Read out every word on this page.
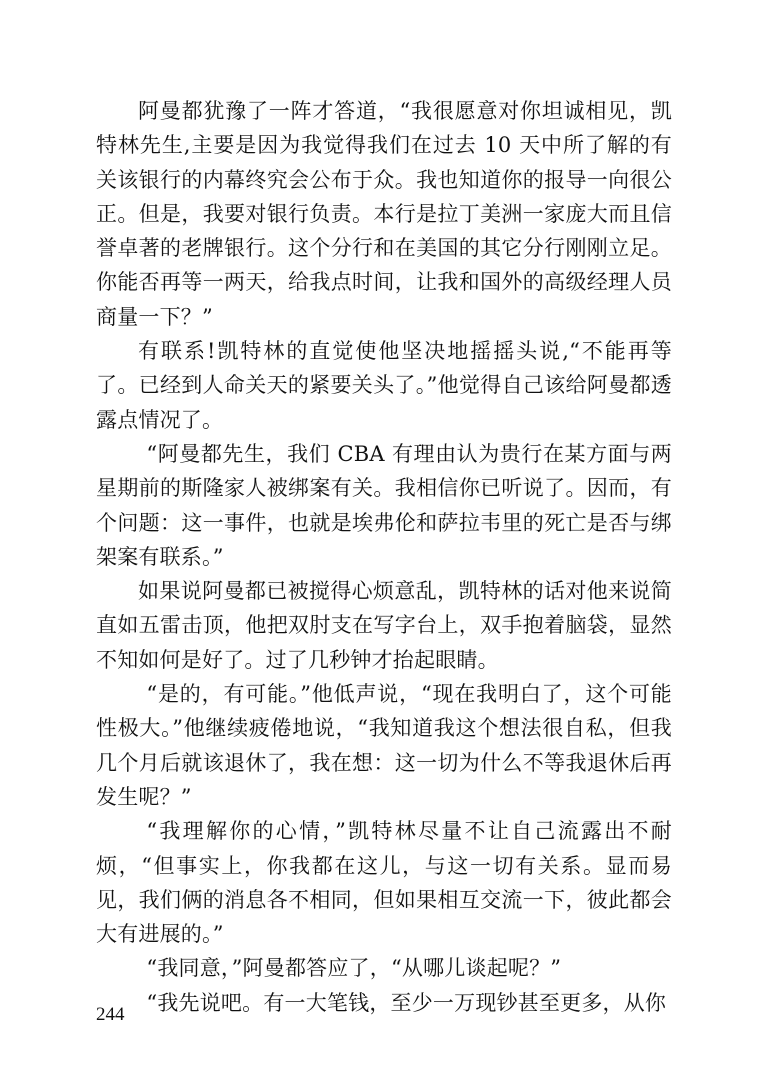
阿曼都犹豫了一阵才答道，“我很愿意对你坦诚相见，凯特林先生,主要是因为我觉得我们在过去 10 天中所了解的有关该银行的内幕终究会公布于众。我也知道你的报导一向很公正。但是，我要对银行负责。本行是拉丁美洲一家庞大而且信誉卓著的老牌银行。这个分行和在美国的其它分行刚刚立足。你能否再等一两天，给我点时间，让我和国外的高级经理人员商量一下？”

有联系!凯特林的直觉使他坚决地摇摇头说,“不能再等了。已经到人命关天的紧要关头了。”他觉得自己该给阿曼都透露点情况了。

“阿曼都先生，我们 CBA 有理由认为贵行在某方面与两星期前的斯隆家人被绑案有关。我相信你已听说了。因而，有个问题：这一事件，也就是埃弗伦和萨拉韦里的死亡是否与绑架案有联系。”

如果说阿曼都已被搅得心烦意乱，凯特林的话对他来说简直如五雷击顶，他把双肘支在写字台上，双手抱着脑袋，显然不知如何是好了。过了几秒钟才抬起眼睛。

“是的，有可能。”他低声说，“现在我明白了，这个可能性极大。”他继续疲倦地说，“我知道我这个想法很自私，但我几个月后就该退休了，我在想：这一切为什么不等我退休后再发生呢？”

“我理解你的心情，”凯特林尽量不让自己流露出不耐烦，“但事实上，你我都在这儿，与这一切有关系。显而易见，我们俩的消息各不相同，但如果相互交流一下，彼此都会大有进展的。”

“我同意，”阿曼都答应了，“从哪儿谈起呢？”

“我先说吧。有一大笔钱，至少一万现钞甚至更多，从你

244
